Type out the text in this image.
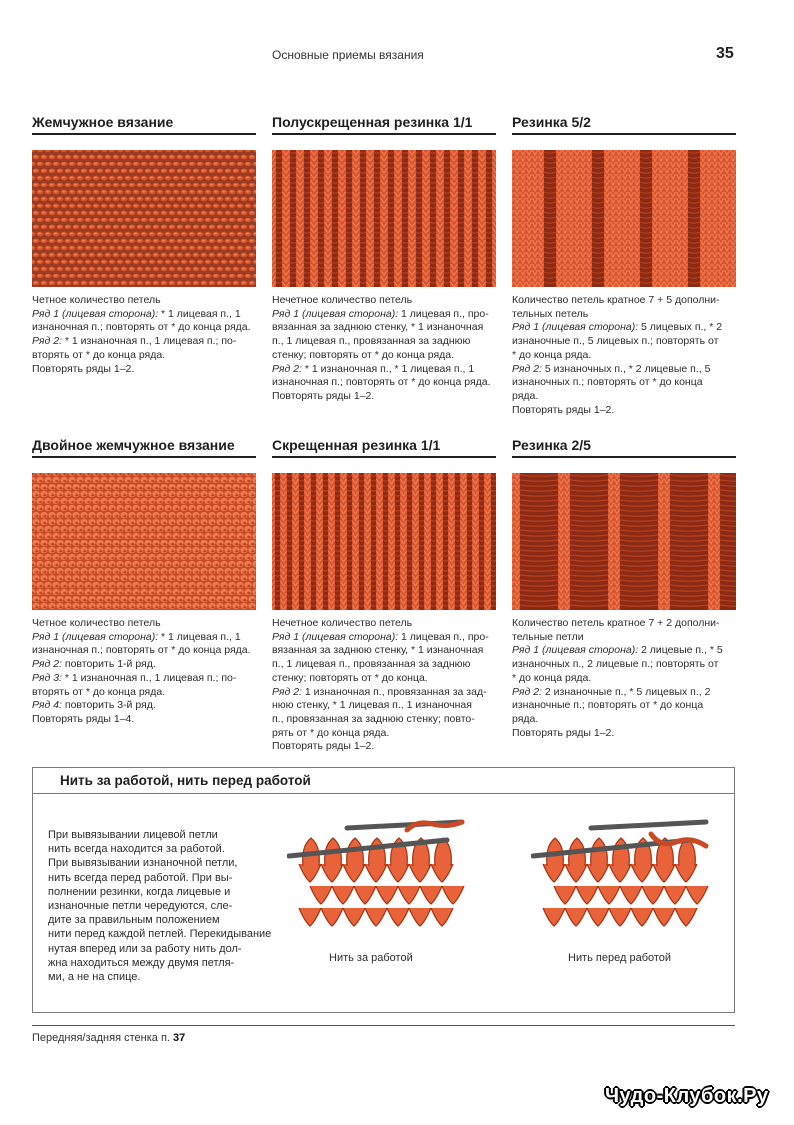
Основные приемы вязания	35
Жемчужное вязание
Четное количество петель
Ряд 1 (лицевая сторона): * 1 лицевая п., 1
изнаночная п.; повторять от * до конца ряда.
Ряд 2: * 1 изнаночная п., 1 лицевая п.; по-
вторять от * до конца ряда.
Повторять ряды 1–2.
Полускрещенная резинка 1/1
Нечетное количество петель
Ряд 1 (лицевая сторона): 1 лицевая п., про-
вязанная за заднюю стенку, * 1 изнаночная
п., 1 лицевая п., провязанная за заднюю
стенку; повторять от * до конца ряда.
Ряд 2: * 1 изнаночная п., * 1 лицевая п., 1
изнаночная п.; повторять от * до конца ряда.
Повторять ряды 1–2.
Резинка 5/2
Количество петель кратное 7 + 5 дополни-
тельных петель
Ряд 1 (лицевая сторона): 5 лицевых п., * 2
изнаночные п., 5 лицевых п.; повторять от
* до конца ряда.
Ряд 2: 5 изнаночных п., * 2 лицевые п., 5
изнаночных п.; повторять от * до конца
ряда.
Повторять ряды 1–2.
Двойное жемчужное вязание
Четное количество петель
Ряд 1 (лицевая сторона): * 1 лицевая п., 1
изнаночная п.; повторять от * до конца ряда.
Ряд 2: повторить 1-й ряд.
Ряд 3: * 1 изнаночная п., 1 лицевая п.; по-
вторять от * до конца ряда.
Ряд 4: повторить 3-й ряд.
Повторять ряды 1–4.
Скрещенная резинка 1/1
Нечетное количество петель
Ряд 1 (лицевая сторона): 1 лицевая п., про-
вязанная за заднюю стенку, * 1 изнаночная
п., 1 лицевая п., провязанная за заднюю
стенку; повторять от * до конца.
Ряд 2: 1 изнаночная п., провязанная за зад-
нюю стенку, * 1 лицевая п., 1 изнаночная
п., провязанная за заднюю стенку; повто-
рять от * до конца ряда.
Повторять ряды 1–2.
Резинка 2/5
Количество петель кратное 7 + 2 дополни-
тельные петли
Ряд 1 (лицевая сторона): 2 лицевые п., * 5
изнаночных п., 2 лицевые п.; повторять от
* до конца ряда.
Ряд 2: 2 изнаночные п., * 5 лицевых п., 2
изнаночные п.; повторять от * до конца
ряда.
Повторять ряды 1–2.
Нить за работой, нить перед работой
При вывязывании лицевой петли
нить всегда находится за работой.
При вывязывании изнаночной петли,
нить всегда перед работой. При вы-
полнении резинки, когда лицевые и
изнаночные петли чередуются, сле-
дите за правильным положением
нити перед каждой петлей. Перекидывание
нутая вперед или за работу нить дол-
жна находиться между двумя петля-
ми, а не на спице.
Нить за работой	Нить перед работой
Передняя/задняя стенка п. 37
Чудо-Клубок.Ру
